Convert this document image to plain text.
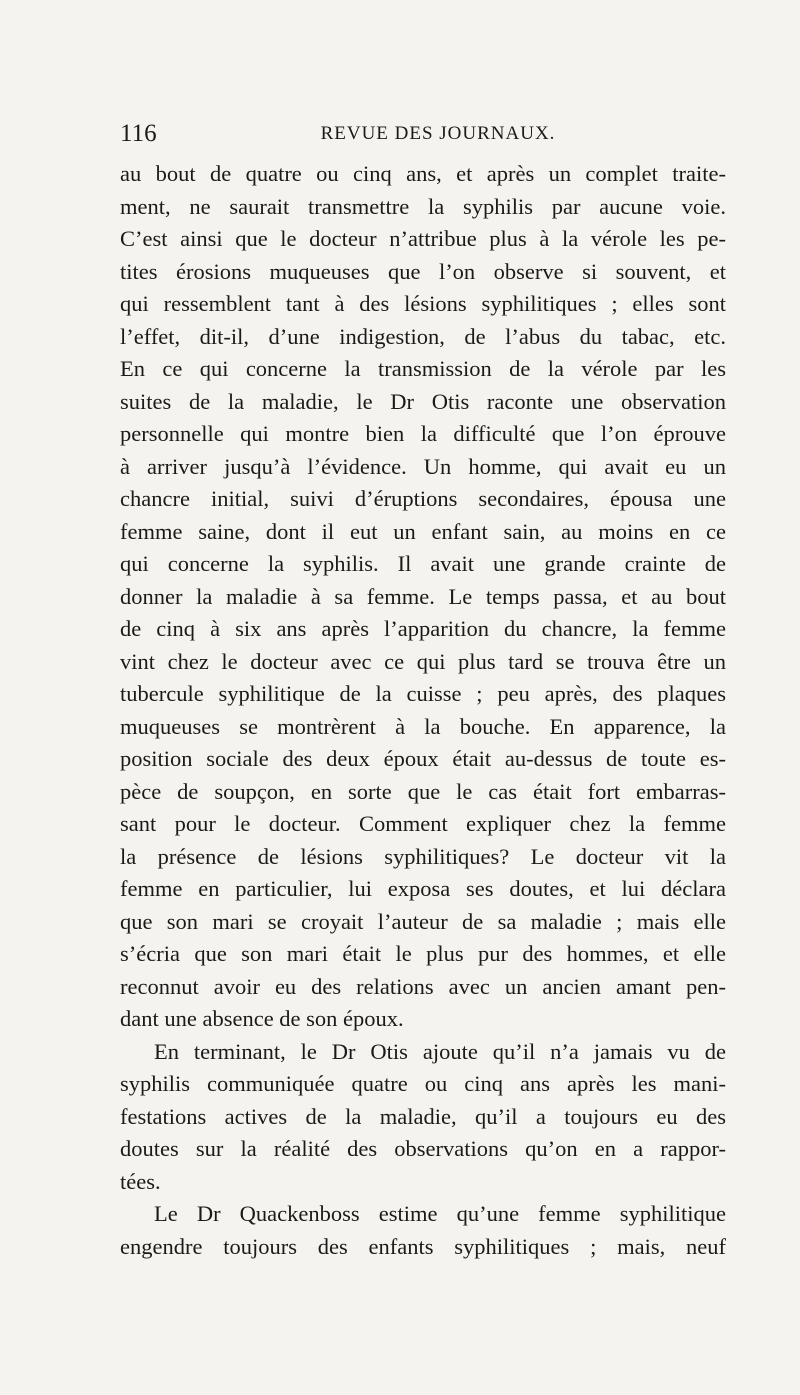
116	REVUE DES JOURNAUX.
au bout de quatre ou cinq ans, et après un complet traite-
ment, ne saurait transmettre la syphilis par aucune voie.
C’est ainsi que le docteur n’attribue plus à la vérole les pe-
tites érosions muqueuses que l’on observe si souvent, et
qui ressemblent tant à des lésions syphilitiques ; elles sont
l’effet, dit-il, d’une indigestion, de l’abus du tabac, etc.
En ce qui concerne la transmission de la vérole par les
suites de la maladie, le Dr Otis raconte une observation
personnelle qui montre bien la difficulté que l’on éprouve
à arriver jusqu’à l’évidence. Un homme, qui avait eu un
chancre initial, suivi d’éruptions secondaires, épousa une
femme saine, dont il eut un enfant sain, au moins en ce
qui concerne la syphilis. Il avait une grande crainte de
donner la maladie à sa femme. Le temps passa, et au bout
de cinq à six ans après l’apparition du chancre, la femme
vint chez le docteur avec ce qui plus tard se trouva être un
tubercule syphilitique de la cuisse ; peu après, des plaques
muqueuses se montrèrent à la bouche. En apparence, la
position sociale des deux époux était au-dessus de toute es-
pèce de soupçon, en sorte que le cas était fort embarras-
sant pour le docteur. Comment expliquer chez la femme
la présence de lésions syphilitiques? Le docteur vit la
femme en particulier, lui exposa ses doutes, et lui déclara
que son mari se croyait l’auteur de sa maladie ; mais elle
s’écria que son mari était le plus pur des hommes, et elle
reconnut avoir eu des relations avec un ancien amant pen-
dant une absence de son époux.
En terminant, le Dr Otis ajoute qu’il n’a jamais vu de
syphilis communiquée quatre ou cinq ans après les mani-
festations actives de la maladie, qu’il a toujours eu des
doutes sur la réalité des observations qu’on en a rappor-
tées.
Le Dr Quackenboss estime qu’une femme syphilitique
engendre toujours des enfants syphilitiques ; mais, neuf
